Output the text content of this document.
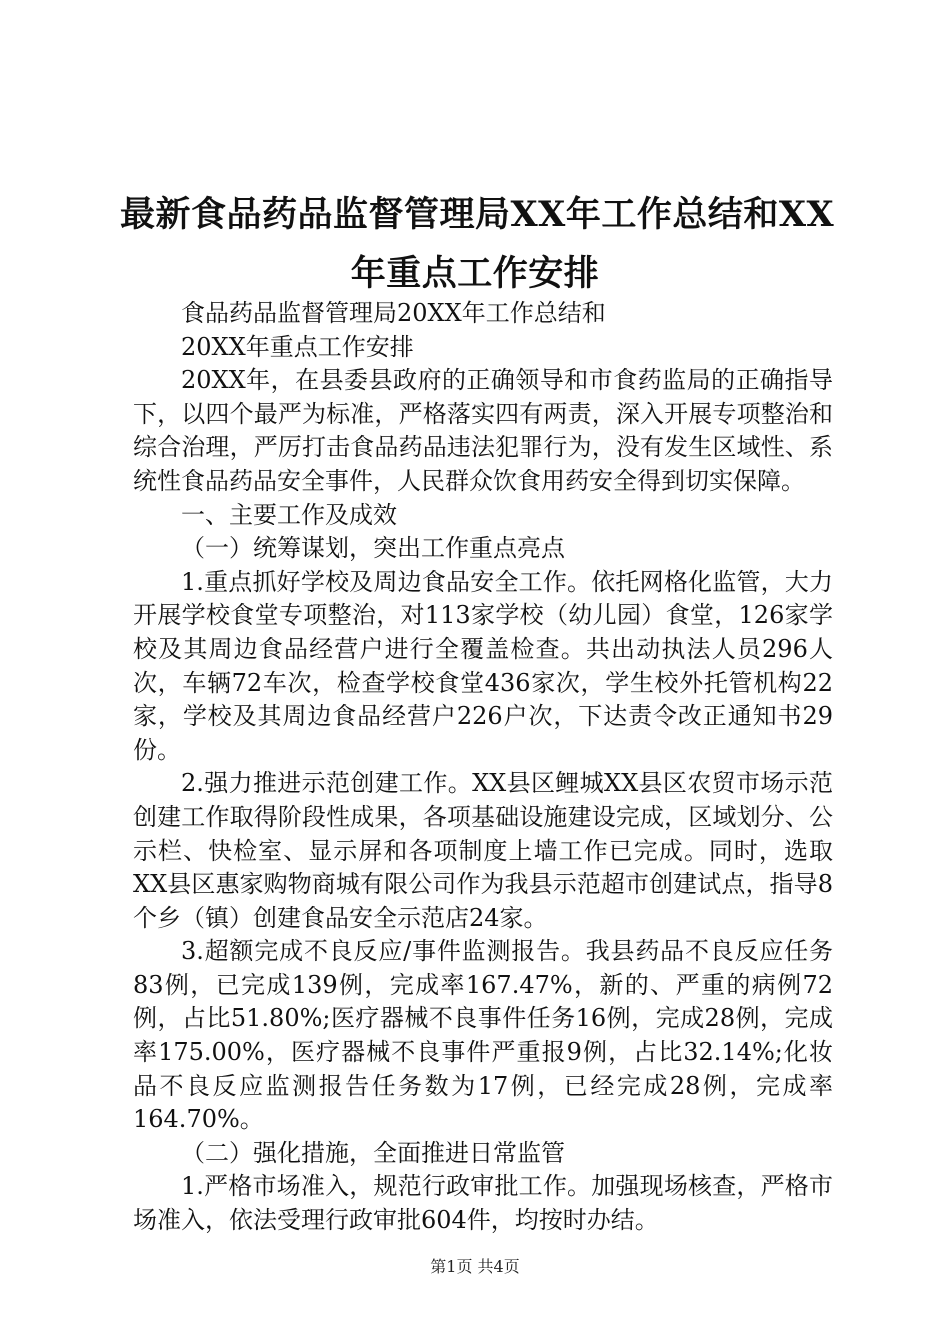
最新食品药品监督管理局XX年工作总结和XX
年重点工作安排

食品药品监督管理局20XX年工作总结和

20XX年重点工作安排

20XX年，在县委县政府的正确领导和市食药监局的正确指导下，以四个最严为标准，严格落实四有两责，深入开展专项整治和综合治理，严厉打击食品药品违法犯罪行为，没有发生区域性、系统性食品药品安全事件，人民群众饮食用药安全得到切实保障。

一、主要工作及成效

（一）统筹谋划，突出工作重点亮点

1.重点抓好学校及周边食品安全工作。依托网格化监管，大力开展学校食堂专项整治，对113家学校（幼儿园）食堂，126家学校及其周边食品经营户进行全覆盖检查。共出动执法人员296人次，车辆72车次，检查学校食堂436家次，学生校外托管机构22家，学校及其周边食品经营户226户次，下达责令改正通知书29份。

2.强力推进示范创建工作。XX县区鲤城XX县区农贸市场示范创建工作取得阶段性成果，各项基础设施建设完成，区域划分、公示栏、快检室、显示屏和各项制度上墙工作已完成。同时，选取XX县区惠家购物商城有限公司作为我县示范超市创建试点，指导8个乡（镇）创建食品安全示范店24家。

3.超额完成不良反应/事件监测报告。我县药品不良反应任务83例，已完成139例，完成率167.47%，新的、严重的病例72例，占比51.80%;医疗器械不良事件任务16例，完成28例，完成率175.00%，医疗器械不良事件严重报9例，占比32.14%;化妆品不良反应监测报告任务数为17例，已经完成28例，完成率164.70%。

（二）强化措施，全面推进日常监管

1.严格市场准入，规范行政审批工作。加强现场核查，严格市场准入，依法受理行政审批604件，均按时办结。

第1页 共4页
